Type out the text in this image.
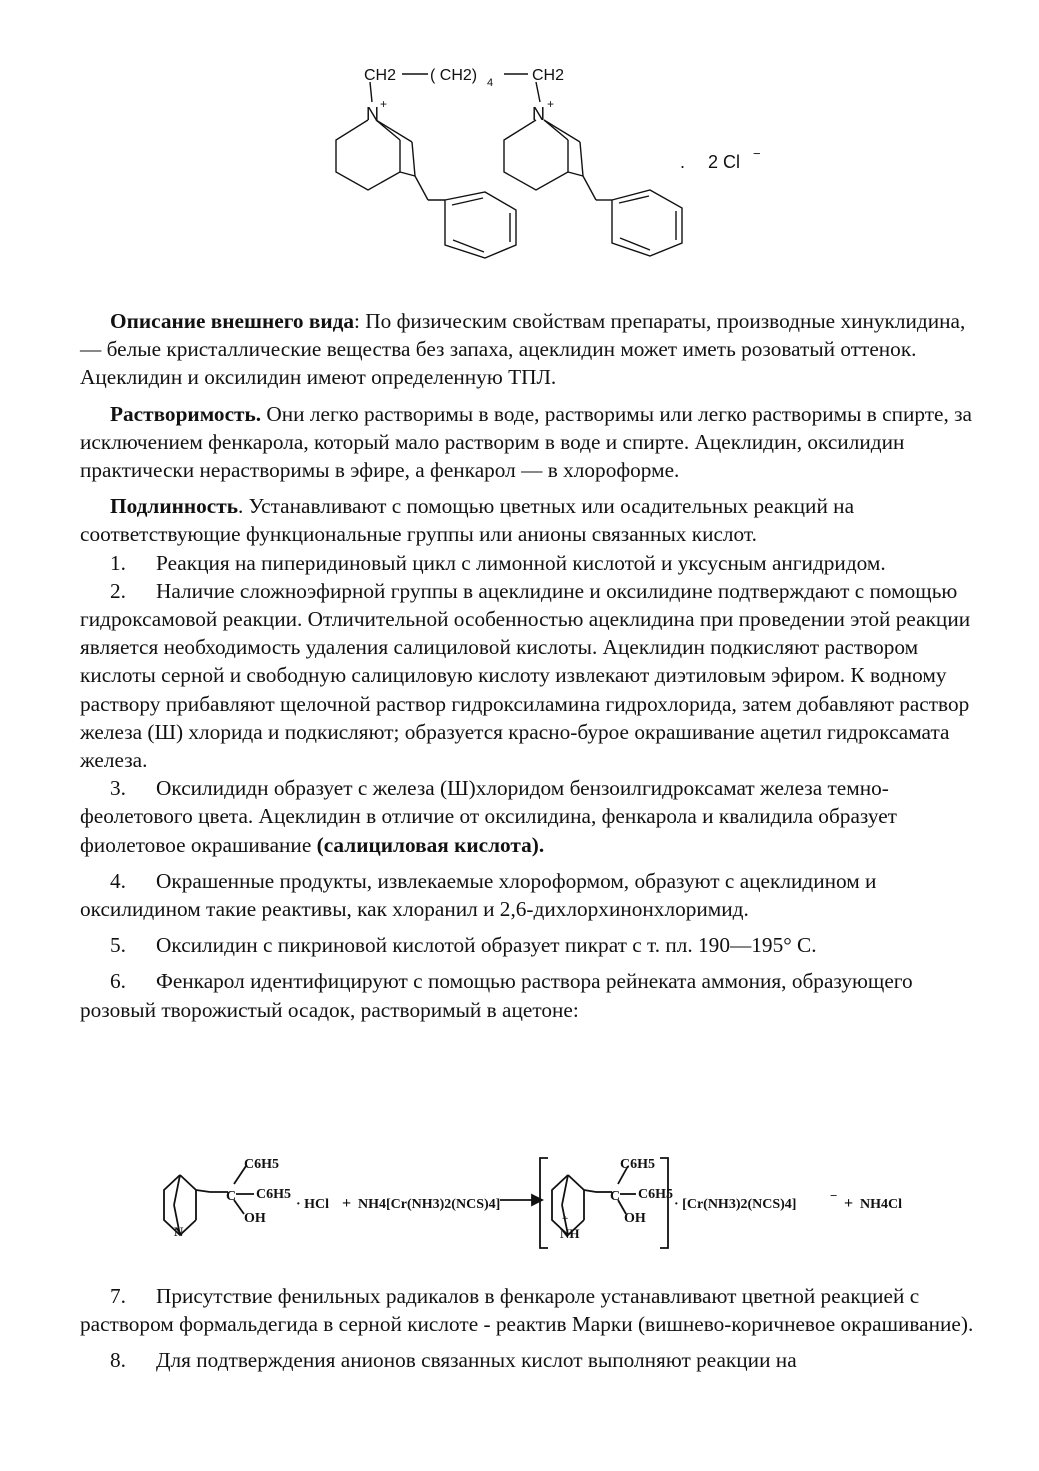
CH2 ( CH2) 4 CH2
N +	N +
. 2 Cl −

Описание внешнего вида: По физическим свойствам препараты, производные хинуклидина, — белые кристаллические вещества без запаха, ацеклидин может иметь розоватый оттенок. Ацеклидин и оксилидин имеют определенную ТПЛ.

Растворимость. Они легко растворимы в воде, растворимы или легко растворимы в спирте, за исключением фенкарола, который мало растворим в воде и спирте. Ацеклидин, оксилидин практически нерастворимы в эфире, а фенкарол — в хлороформе.

Подлинность. Устанавливают с помощью цветных или осадительных реакций на соответствующие функциональные группы или анионы связанных кислот.

1. Реакция на пиперидиновый цикл с лимонной кислотой и уксусным ангидридом.

2. Наличие сложноэфирной группы в ацеклидине и оксилидине подтверждают с помощью гидроксамовой реакции. Отличительной особенностью ацеклидина при проведении этой реакции является необходимость удаления салициловой кислоты. Ацеклидин подкисляют раствором кислоты серной и свободную салициловую кислоту извлекают диэтиловым эфиром. К водному раствору прибавляют щелочной раствор гидроксиламина гидрохлорида, затем добавляют раствор железа (Ш) хлорида и подкисляют; образуется красно-бурое окрашивание ацетил гидроксамата железа.

3. Оксилидидн образует с железа (Ш)хлоридом бензоилгидроксамат железа темно-феолетового цвета. Ацеклидин в отличие от оксилидина, фенкарола и квалидила образует фиолетовое окрашивание (салициловая кислота).

4. Окрашенные продукты, извлекаемые хлороформом, образуют с ацеклидином и оксилидином такие реактивы, как хлоранил и 2,6-дихлорхинонхлоримид.

5. Оксилидин с пикриновой кислотой образует пикрат с т. пл. 190—195° С.

6. Фенкарол идентифицируют с помощью раствора рейнеката аммония, образующего розовый творожистый осадок, растворимый в ацетоне:

N
C6H5
C C6H5
OH
· HCl + NH4[Cr(NH3)2(NCS)4]
C6H5
C C6H5
OH
NH
+
· [Cr(NH3)2(NCS)4]
− + NH4Cl

7. Присутствие фенильных радикалов в фенкароле устанавливают цветной реакцией с раствором формальдегида в серной кислоте - реактив Марки (вишнево-коричневое окрашивание).

8. Для подтверждения анионов связанных кислот выполняют реакции на
